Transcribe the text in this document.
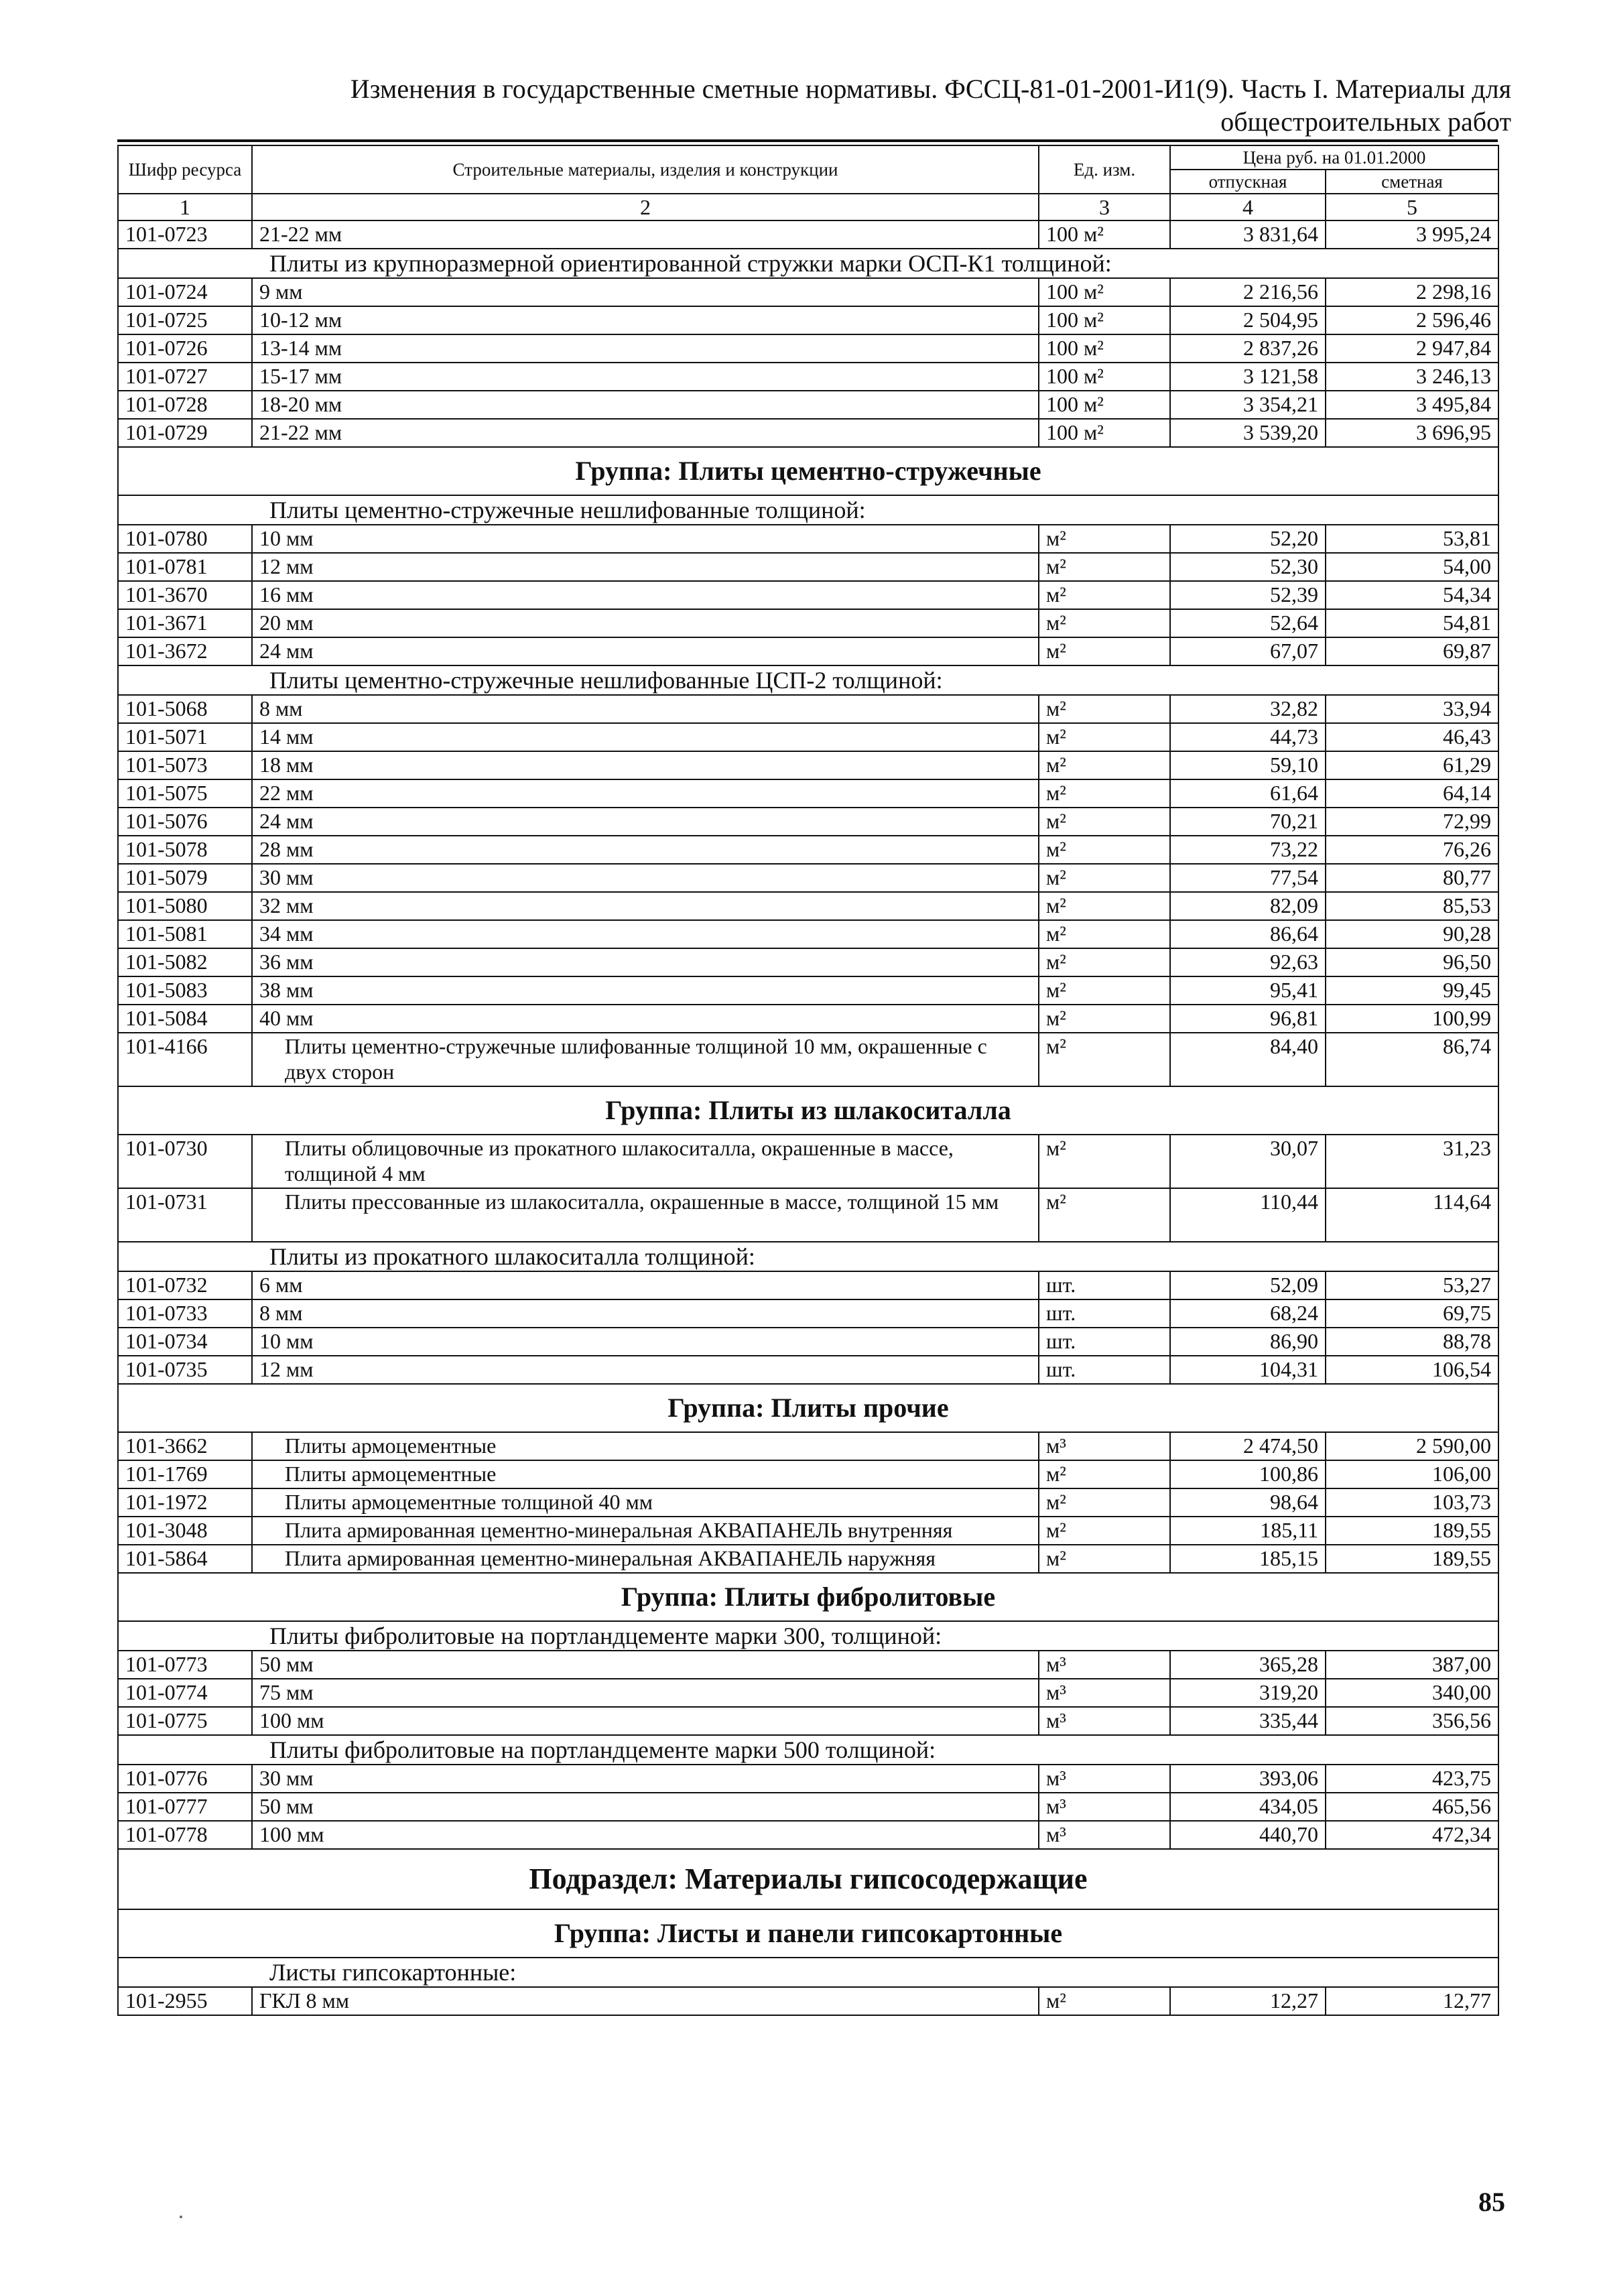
Изменения в государственные сметные нормативы. ФССЦ-81-01-2001-И1(9). Часть I. Материалы для
общестроительных работ
Шифр ресурса	Строительные материалы, изделия и конструкции	Ед. изм.	Цена руб. на 01.01.2000	
			отпускная	сметная
1	2	3	4	5
101-0723	21-22 мм	100 м²	3 831,64	3 995,24
Плиты из крупноразмерной ориентированной стружки марки ОСП-К1 толщиной:				
101-0724	9 мм	100 м²	2 216,56	2 298,16
101-0725	10-12 мм	100 м²	2 504,95	2 596,46
101-0726	13-14 мм	100 м²	2 837,26	2 947,84
101-0727	15-17 мм	100 м²	3 121,58	3 246,13
101-0728	18-20 мм	100 м²	3 354,21	3 495,84
101-0729	21-22 мм	100 м²	3 539,20	3 696,95
Группа: Плиты цементно-стружечные				
Плиты цементно-стружечные нешлифованные толщиной:				
101-0780	10 мм	м²	52,20	53,81
101-0781	12 мм	м²	52,30	54,00
101-3670	16 мм	м²	52,39	54,34
101-3671	20 мм	м²	52,64	54,81
101-3672	24 мм	м²	67,07	69,87
Плиты цементно-стружечные нешлифованные ЦСП-2 толщиной:				
101-5068	8 мм	м²	32,82	33,94
101-5071	14 мм	м²	44,73	46,43
101-5073	18 мм	м²	59,10	61,29
101-5075	22 мм	м²	61,64	64,14
101-5076	24 мм	м²	70,21	72,99
101-5078	28 мм	м²	73,22	76,26
101-5079	30 мм	м²	77,54	80,77
101-5080	32 мм	м²	82,09	85,53
101-5081	34 мм	м²	86,64	90,28
101-5082	36 мм	м²	92,63	96,50
101-5083	38 мм	м²	95,41	99,45
101-5084	40 мм	м²	96,81	100,99
101-4166	Плиты цементно-стружечные шлифованные толщиной 10 мм, окрашенные с двух сторон	м²	84,40	86,74
Группа: Плиты из шлакоситалла				
101-0730	Плиты облицовочные из прокатного шлакоситалла, окрашенные в массе, толщиной 4 мм	м²	30,07	31,23
101-0731	Плиты прессованные из шлакоситалла, окрашенные в массе, толщиной 15 мм	м²	110,44	114,64
Плиты из прокатного шлакоситалла толщиной:				
101-0732	6 мм	шт.	52,09	53,27
101-0733	8 мм	шт.	68,24	69,75
101-0734	10 мм	шт.	86,90	88,78
101-0735	12 мм	шт.	104,31	106,54
Группа: Плиты прочие				
101-3662	Плиты армоцементные	м³	2 474,50	2 590,00
101-1769	Плиты армоцементные	м²	100,86	106,00
101-1972	Плиты армоцементные толщиной 40 мм	м²	98,64	103,73
101-3048	Плита армированная цементно-минеральная АКВАПАНЕЛЬ внутренняя	м²	185,11	189,55
101-5864	Плита армированная цементно-минеральная АКВАПАНЕЛЬ наружняя	м²	185,15	189,55
Группа: Плиты фибролитовые				
Плиты фибролитовые на портландцементе марки 300, толщиной:				
101-0773	50 мм	м³	365,28	387,00
101-0774	75 мм	м³	319,20	340,00
101-0775	100 мм	м³	335,44	356,56
Плиты фибролитовые на портландцементе марки 500 толщиной:				
101-0776	30 мм	м³	393,06	423,75
101-0777	50 мм	м³	434,05	465,56
101-0778	100 мм	м³	440,70	472,34
Подраздел: Материалы гипсосодержащие				
Группа: Листы и панели гипсокартонные				
Листы гипсокартонные:				
101-2955	ГКЛ 8 мм	м²	12,27	12,77
85
